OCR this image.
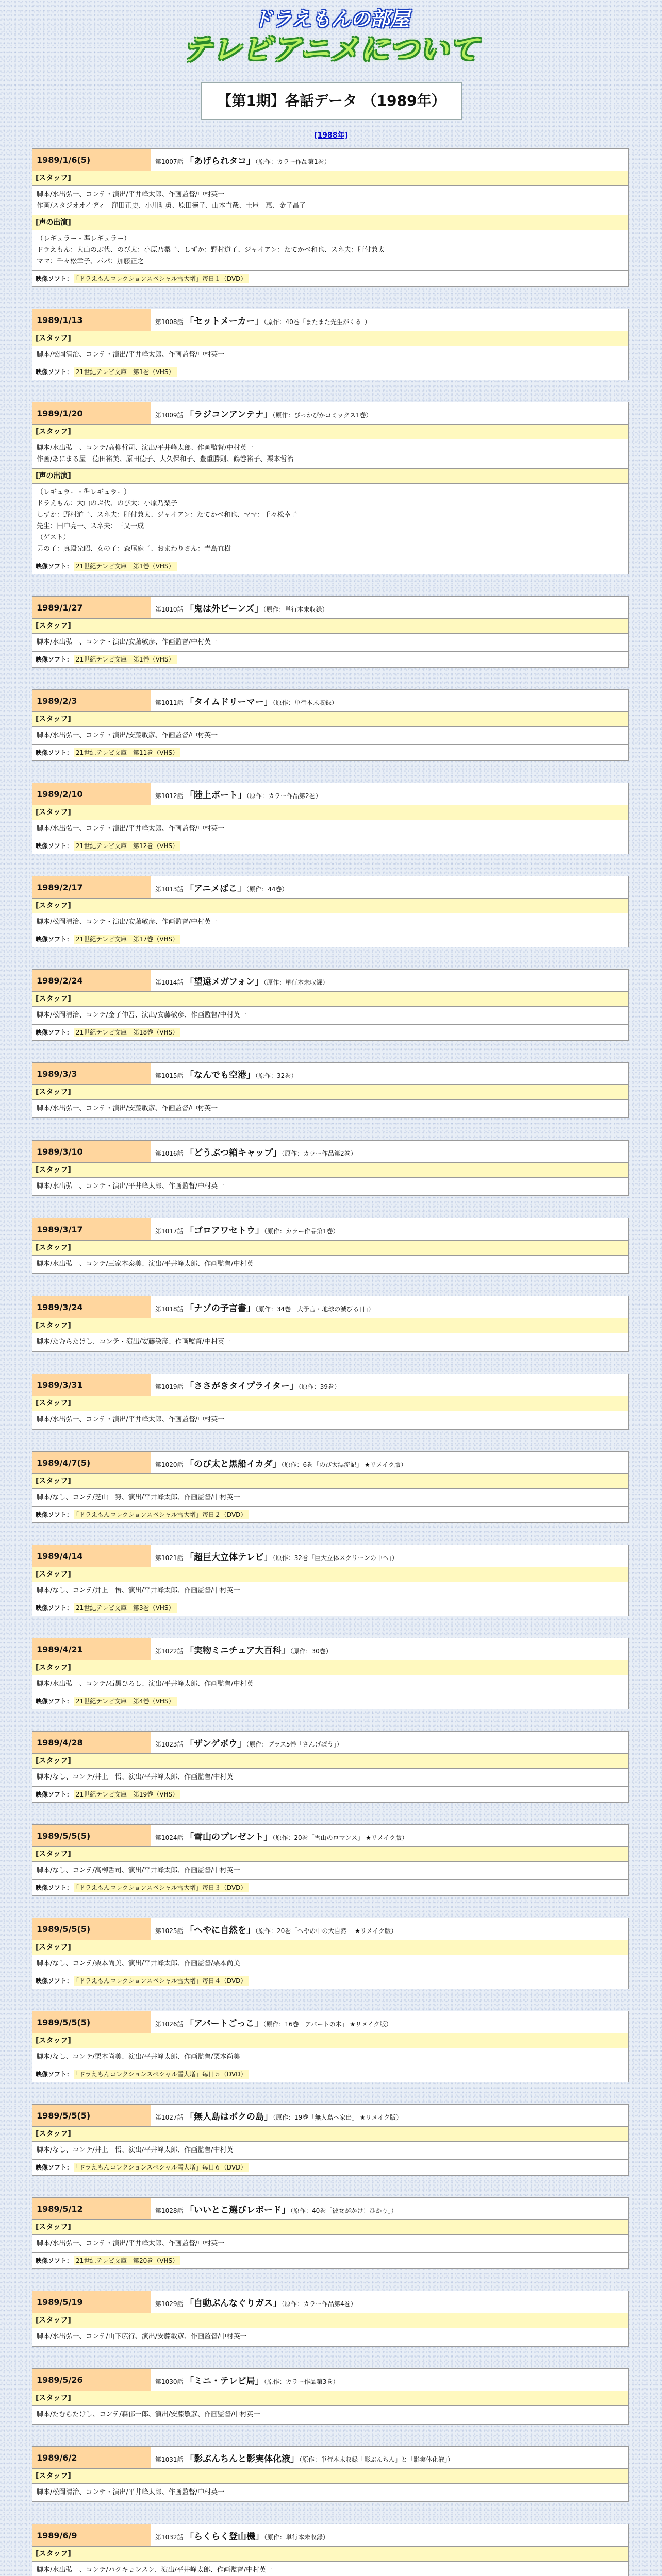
ドラえもんの部屋
テレビアニメについて
【第1期】各話データ （1989年）
[1988年]
1989/1/6(5)	第1007話　「あげられタコ」（原作：カラー作品第1巻）
[スタッフ]
脚本/水出弘一、コンテ・演出/平井峰太郎、作画監督/中村英一
作画/スタジオオイディ　窪田正史、小川明勇、原田徳子、山本直哉、土屋　惠、金子昌子
[声の出演]
（レギュラー・準レギュラー）
ドラえもん：大山のぶ代、のび太：小原乃梨子、しずか：野村道子、ジャイアン：たてかべ和也、スネ夫：肝付兼太
ママ：千々松幸子、パパ：加藤正之
映像ソフト： 「ドラえもんコレクションスペシャル雪大増」毎日１（DVD）
1989/1/13	第1008話　「セットメーカー」（原作：40巻「またまた先生がくる」）
[スタッフ]
脚本/松岡清治、コンテ・演出/平井峰太郎、作画監督/中村英一
映像ソフト： 21世紀テレビ文庫　第1巻（VHS）
1989/1/20	第1009話　「ラジコンアンテナ」（原作：ぴっかぴかコミックス1巻）
[スタッフ]
脚本/水出弘一、コンテ/高柳哲司、演出/平井峰太郎、作画監督/中村英一
作画/あにまる屋　徳田裕美、原田徳子、大久保和子、豊重勝則、鶴巻裕子、栗本哲治
[声の出演]
（レギュラー・準レギュラー）
ドラえもん：大山のぶ代、のび太：小原乃梨子
しずか：野村道子、スネ夫：肝付兼太、ジャイアン：たてかべ和也、ママ：千々松幸子
先生：田中亮一、スネ夫：三又一成
（ゲスト）
男の子：真殿光昭、女の子：森尾麻子、おまわりさん：青島直樹
映像ソフト： 21世紀テレビ文庫　第1巻（VHS）
1989/1/27	第1010話　「鬼は外ビーンズ」（原作：単行本未収録）
[スタッフ]
脚本/水出弘一、コンテ・演出/安藤敏彦、作画監督/中村英一
映像ソフト： 21世紀テレビ文庫　第1巻（VHS）
1989/2/3	第1011話　「タイムドリーマー」（原作：単行本未収録）
[スタッフ]
脚本/水出弘一、コンテ・演出/安藤敏彦、作画監督/中村英一
映像ソフト： 21世紀テレビ文庫　第11巻（VHS）
1989/2/10	第1012話　「陸上ボート」（原作：カラー作品第2巻）
[スタッフ]
脚本/水出弘一、コンテ・演出/平井峰太郎、作画監督/中村英一
映像ソフト： 21世紀テレビ文庫　第12巻（VHS）
1989/2/17	第1013話　「アニメばこ」（原作：44巻）
[スタッフ]
脚本/松岡清治、コンテ・演出/安藤敏彦、作画監督/中村英一
映像ソフト： 21世紀テレビ文庫　第17巻（VHS）
1989/2/24	第1014話　「望遠メガフォン」（原作：単行本未収録）
[スタッフ]
脚本/松岡清治、コンテ/金子伸吾、演出/安藤敏彦、作画監督/中村英一
映像ソフト： 21世紀テレビ文庫　第18巻（VHS）
1989/3/3	第1015話　「なんでも空港」（原作：32巻）
[スタッフ]
脚本/水出弘一、コンテ・演出/安藤敏彦、作画監督/中村英一
1989/3/10	第1016話　「どうぶつ箱キャップ」（原作：カラー作品第2巻）
[スタッフ]
脚本/水出弘一、コンテ・演出/平井峰太郎、作画監督/中村英一
1989/3/17	第1017話　「ゴロアワセトウ」（原作：カラー作品第1巻）
[スタッフ]
脚本/水出弘一、コンテ/三家本泰美、演出/平井峰太郎、作画監督/中村英一
1989/3/24	第1018話　「ナゾの予言書」（原作：34巻「大予言・地球の滅びる日」）
[スタッフ]
脚本/たむらたけし、コンテ・演出/安藤敏彦、作画監督/中村英一
1989/3/31	第1019話　「ささがきタイプライター」（原作：39巻）
[スタッフ]
脚本/水出弘一、コンテ・演出/平井峰太郎、作画監督/中村英一
1989/4/7(5)	第1020話　「のび太と黒船イカダ」（原作：6巻「のび太漂流記」 ★リメイク版）
[スタッフ]
脚本/なし、コンテ/芝山　努、演出/平井峰太郎、作画監督/中村英一
映像ソフト： 「ドラえもんコレクションスペシャル雪大増」毎日２（DVD）
1989/4/14	第1021話　「超巨大立体テレビ」（原作：32巻「巨大立体スクリーンの中へ」）
[スタッフ]
脚本/なし、コンテ/井上　悟、演出/平井峰太郎、作画監督/中村英一
映像ソフト： 21世紀テレビ文庫　第3巻（VHS）
1989/4/21	第1022話　「実物ミニチュア大百科」（原作：30巻）
[スタッフ]
脚本/水出弘一、コンテ/石黒ひろし、演出/平井峰太郎、作画監督/中村英一
映像ソフト： 21世紀テレビ文庫　第4巻（VHS）
1989/4/28	第1023話　「ザンゲボウ」（原作：プラス5巻「さんげぼう」）
[スタッフ]
脚本/なし、コンテ/井上　悟、演出/平井峰太郎、作画監督/中村英一
映像ソフト： 21世紀テレビ文庫　第19巻（VHS）
1989/5/5(5)	第1024話　「雪山のプレゼント」（原作：20巻「雪山のロマンス」 ★リメイク版）
[スタッフ]
脚本/なし、コンテ/高柳哲司、演出/平井峰太郎、作画監督/中村英一
映像ソフト： 「ドラえもんコレクションスペシャル雪大増」毎日３（DVD）
1989/5/5(5)	第1025話　「ヘやに自然を」（原作：20巻「ヘやの中の大自然」 ★リメイク版）
[スタッフ]
脚本/なし、コンテ/栗本尚美、演出/平井峰太郎、作画監督/栗本尚美
映像ソフト： 「ドラえもんコレクションスペシャル雪大増」毎日４（DVD）
1989/5/5(5)	第1026話　「アパートごっこ」（原作：16巻「アパートの木」 ★リメイク版）
[スタッフ]
脚本/なし、コンテ/栗本尚美、演出/平井峰太郎、作画監督/栗本尚美
映像ソフト： 「ドラえもんコレクションスペシャル雪大増」毎日５（DVD）
1989/5/5(5)	第1027話　「無人島はボクの島」（原作：19巻「無人島へ家出」 ★リメイク版）
[スタッフ]
脚本/なし、コンテ/井上　悟、演出/平井峰太郎、作画監督/中村英一
映像ソフト： 「ドラえもんコレクションスペシャル雪大増」毎日６（DVD）
1989/5/12	第1028話　「いいとこ選びレボード」（原作：40巻「彼女がかけ！ひかり」）
[スタッフ]
脚本/水出弘一、コンテ・演出/平井峰太郎、作画監督/中村英一
映像ソフト： 21世紀テレビ文庫　第20巻（VHS）
1989/5/19	第1029話　「自動ぶんなぐりガス」（原作：カラー作品第4巻）
[スタッフ]
脚本/水出弘一、コンテ/山下広行、演出/安藤敏彦、作画監督/中村英一
1989/5/26	第1030話　「ミニ・テレビ局」（原作：カラー作品第3巻）
[スタッフ]
脚本/たむらたけし、コンテ/森郁一郎、演出/安藤敏彦、作画監督/中村英一
1989/6/2	第1031話　「影ぶんちんと影実体化液」（原作：単行本未収録「影ぶんちん」と「影実体化液」）
[スタッフ]
脚本/松岡清治、コンテ・演出/平井峰太郎、作画監督/中村英一
1989/6/9	第1032話　「らくらく登山機」（原作：単行本未収録）
[スタッフ]
脚本/水出弘一、コンテ/パクキョンスン、演出/平井峰太郎、作画監督/中村英一
